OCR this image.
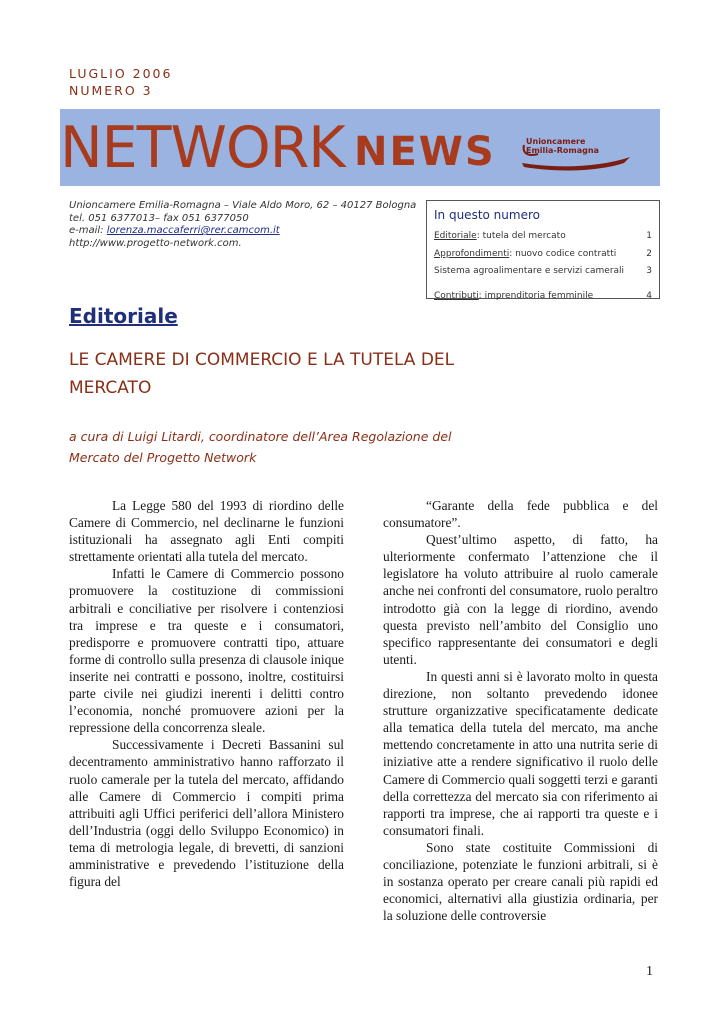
LUGLIO 2006
NUMERO 3
NETWORK NEWS	Unioncamere
Emilia-Romagna
Unioncamere Emilia-Romagna – Viale Aldo Moro, 62 – 40127 Bologna
tel. 051 6377013– fax 051 6377050
e-mail: lorenza.maccaferri@rer.camcom.it
http://www.progetto-network.com.
In questo numero
Editoriale: tutela del mercato	1
Approfondimenti: nuovo codice contratti	2
Sistema agroalimentare e servizi camerali 3
Contributi: imprenditoria femminile	4
Editoriale
LE CAMERE DI COMMERCIO E LA TUTELA DEL MERCATO
a cura di Luigi Litardi, coordinatore dell’Area Regolazione del Mercato del Progetto Network

La Legge 580 del 1993 di riordino delle Camere di Commercio, nel declinarne le funzioni istituzionali ha assegnato agli Enti compiti strettamente orientati alla tutela del mercato.

Infatti le Camere di Commercio possono promuovere la costituzione di commissioni arbitrali e conciliative per risolvere i contenziosi tra imprese e tra queste e i consumatori, predisporre e promuovere contratti tipo, attuare forme di controllo sulla presenza di clausole inique inserite nei contratti e possono, inoltre, costituirsi parte civile nei giudizi inerenti i delitti contro l’economia, nonché promuovere azioni per la repressione della concorrenza sleale.

Successivamente i Decreti Bassanini sul decentramento amministrativo hanno rafforzato il ruolo camerale per la tutela del mercato, affidando alle Camere di Commercio i compiti prima attribuiti agli Uffici periferici dell’allora Ministero dell’Industria (oggi dello Sviluppo Economico) in tema di metrologia legale, di brevetti, di sanzioni amministrative e prevedendo l’istituzione della figura del

“Garante della fede pubblica e del consumatore”.

Quest’ultimo aspetto, di fatto, ha ulteriormente confermato l’attenzione che il legislatore ha voluto attribuire al ruolo camerale anche nei confronti del consumatore, ruolo peraltro introdotto già con la legge di riordino, avendo questa previsto nell’ambito del Consiglio uno specifico rappresentante dei consumatori e degli utenti.

In questi anni si è lavorato molto in questa direzione, non soltanto prevedendo idonee strutture organizzative specificatamente dedicate alla tematica della tutela del mercato, ma anche mettendo concretamente in atto una nutrita serie di iniziative atte a rendere significativo il ruolo delle Camere di Commercio quali soggetti terzi e garanti della correttezza del mercato sia con riferimento ai rapporti tra imprese, che ai rapporti tra queste e i consumatori finali.

Sono state costituite Commissioni di conciliazione, potenziate le funzioni arbitrali, si è in sostanza operato per creare canali più rapidi ed economici, alternativi alla giustizia ordinaria, per la soluzione delle controversie

1
